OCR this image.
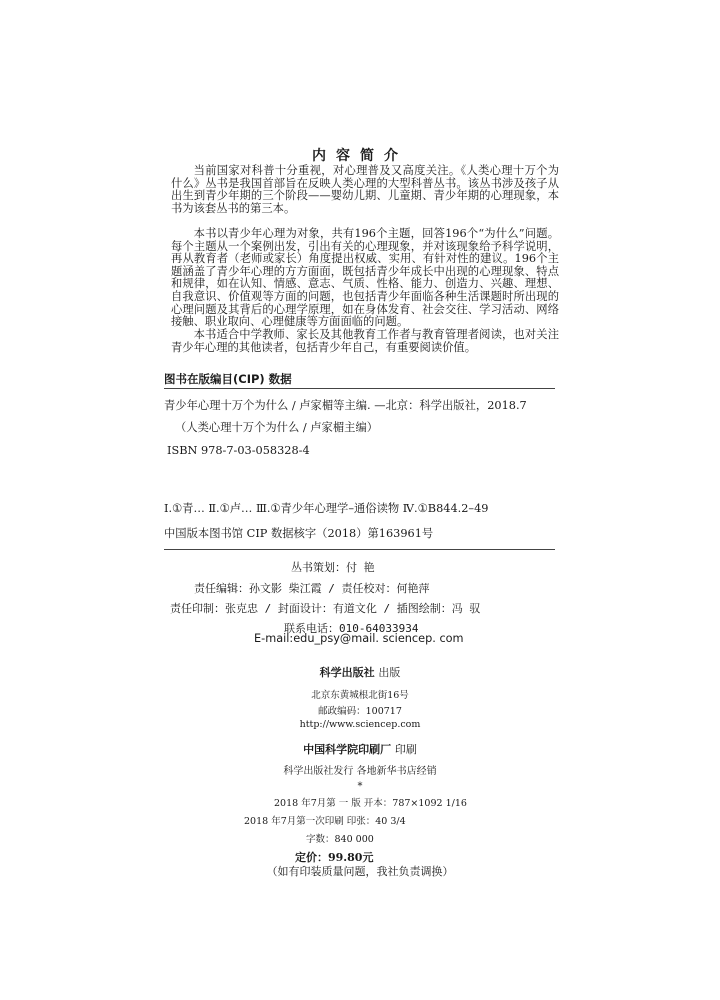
内容简介

当前国家对科普十分重视，对心理普及又高度关注。《人类心理十万个为什么》丛书是我国首部旨在反映人类心理的大型科普丛书。该丛书涉及孩子从出生到青少年期的三个阶段——婴幼儿期、儿童期、青少年期的心理现象，本书为该套丛书的第三本。

本书以青少年心理为对象，共有196个主题，回答196个“为什么”问题。每个主题从一个案例出发，引出有关的心理现象，并对该现象给予科学说明，再从教育者（老师或家长）角度提出权威、实用、有针对性的建议。196个主题涵盖了青少年心理的方方面面，既包括青少年成长中出现的心理现象、特点和规律，如在认知、情感、意志、气质、性格、能力、创造力、兴趣、理想、自我意识、价值观等方面的问题，也包括青少年面临各种生活课题时所出现的心理问题及其背后的心理学原理，如在身体发育、社会交往、学习活动、网络接触、职业取向、心理健康等方面面临的问题。

本书适合中学教师、家长及其他教育工作者与教育管理者阅读，也对关注青少年心理的其他读者，包括青少年自己，有重要阅读价值。

图书在版编目(CIP) 数据
青少年心理十万个为什么 / 卢家楣等主编. —北京：科学出版社，2018.7
（人类心理十万个为什么 / 卢家楣主编）
ISBN 978-7-03-058328-4
Ⅰ.①青… Ⅱ.①卢… Ⅲ.①青少年心理学–通俗读物 Ⅳ.①B844.2–49
中国版本图书馆 CIP 数据核字（2018）第163961号
丛书策划：付 艳
责任编辑：孙文影 柴江霞 / 责任校对：何艳萍
责任印制：张克忠 / 封面设计：有道文化 / 插图绘制：冯 驭
联系电话：010-64033934
E-mail:edu_psy@mail. sciencep. com
科学出版社 出版
北京东黄城根北街16号
邮政编码：100717
http://www.sciencep.com
中国科学院印刷厂 印刷
科学出版社发行 各地新华书店经销
*
2018 年7月第 一 版 开本：787×1092 1/16
2018 年7月第一次印刷 印张：40 3/4
字数：840 000
定价：99.80元
（如有印装质量问题，我社负责调换）
